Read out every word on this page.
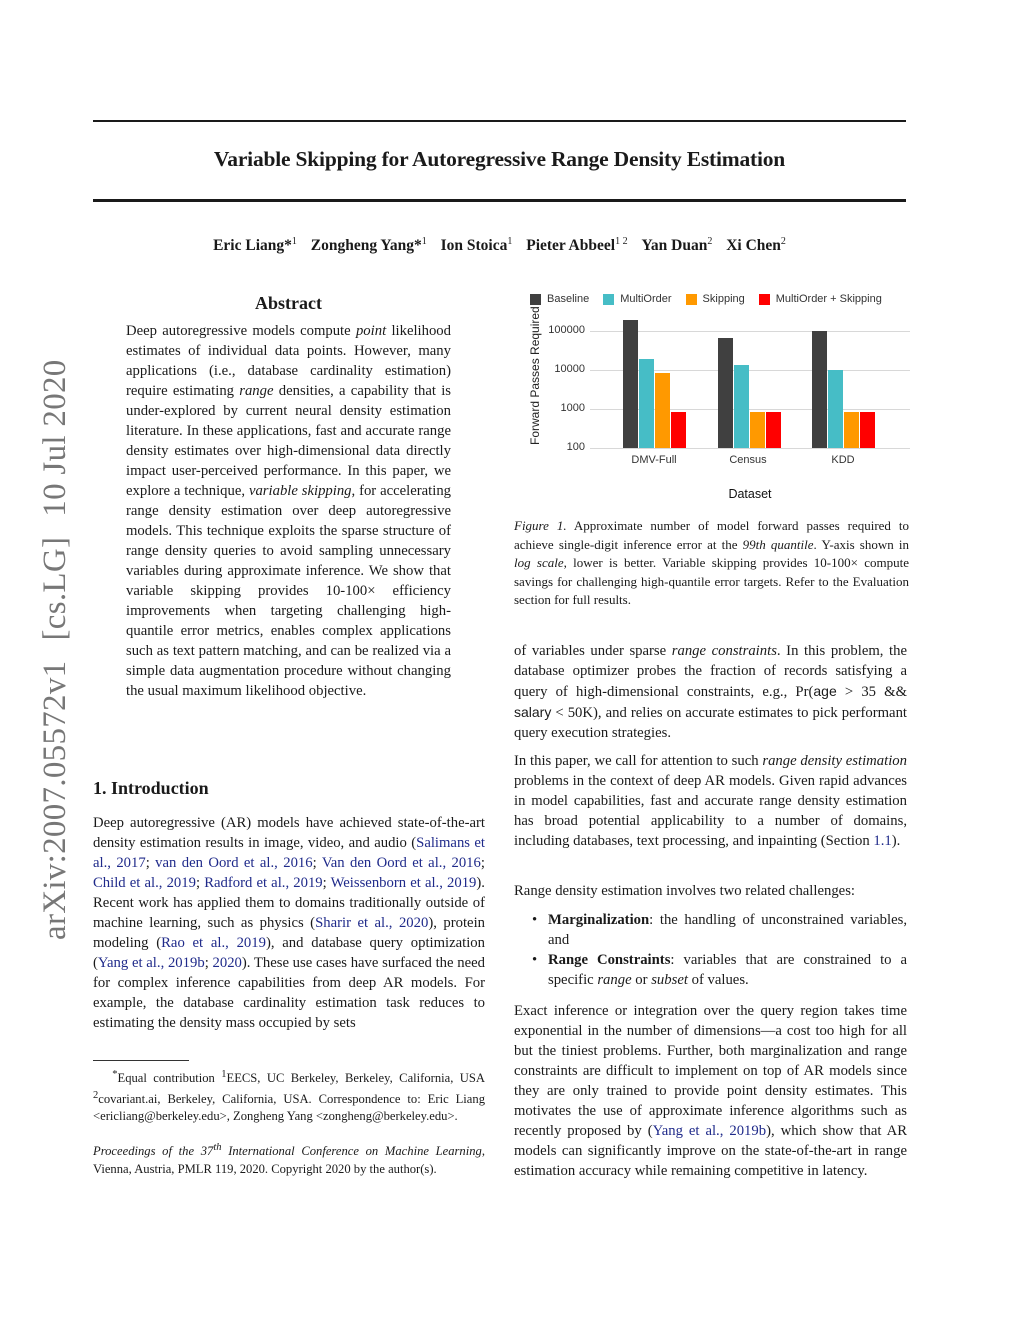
arXiv:2007.05572v1[cs.LG]10 Jul 2020
Variable Skipping for Autoregressive Range Density Estimation
Eric Liang*$^1$ Zongheng Yang*$^1$ Ion Stoica$^1$ Pieter Abbeel$^{1 2}$ Yan Duan$^2$ Xi Chen$^2$
Abstract

Deep autoregressive models compute point likelihood estimates of individual data points. However, many applications (i.e., database cardinality estimation) require estimating range densities, a capability that is under-explored by current neural density estimation literature. In these applications, fast and accurate range density estimates over high-dimensional data directly impact user-perceived performance. In this paper, we explore a technique, variable skipping, for accelerating range density estimation over deep autoregressive models. This technique exploits the sparse structure of range density queries to avoid sampling unnecessary variables during approximate inference. We show that variable skipping provides 10-100× efficiency improvements when targeting challenging high-quantile error metrics, enables complex applications such as text pattern matching, and can be realized via a simple data augmentation procedure without changing the usual maximum likelihood objective.

1. Introduction

Deep autoregressive (AR) models have achieved state-of-the-art density estimation results in image, video, and audio (Salimans et al., 2017; van den Oord et al., 2016; Van den Oord et al., 2016; Child et al., 2019; Radford et al., 2019; Weissenborn et al., 2019). Recent work has applied them to domains traditionally outside of machine learning, such as physics (Sharir et al., 2020), protein modeling (Rao et al., 2019), and database query optimization (Yang et al., 2019b; 2020). These use cases have surfaced the need for complex inference capabilities from deep AR models. For example, the database cardinality estimation task reduces to estimating the density mass occupied by sets

*Equal contribution $^1$EECS, UC Berkeley, Berkeley, California, USA $^2$covariant.ai, Berkeley, California, USA. Correspondence to: Eric Liang <ericliang@berkeley.edu>, Zongheng Yang <zongheng@berkeley.edu>.

Proceedings of the 37th International Conference on Machine Learning, Vienna, Austria, PMLR 119, 2020. Copyright 2020 by the author(s).

Baseline	MultiOrder	Skipping	MultiOrder + Skipping
Forward Passes Required 100000
10000
1000
100
DMV-Full	Census	KDD
Dataset
Figure 1. Approximate number of model forward passes required to achieve single-digit inference error at the 99th quantile. Y-axis shown in log scale, lower is better. Variable skipping provides 10-100× compute savings for challenging high-quantile error targets. Refer to the Evaluation section for full results.

of variables under sparse range constraints. In this problem, the database optimizer probes the fraction of records satisfying a query of high-dimensional constraints, e.g., Pr(age > 35 && salary < 50K), and relies on accurate estimates to pick performant query execution strategies.

In this paper, we call for attention to such range density estimation problems in the context of deep AR models. Given rapid advances in model capabilities, fast and accurate range density estimation has broad potential applicability to a number of domains, including databases, text processing, and inpainting (Section 1.1).

Range density estimation involves two related challenges:

• Marginalization: the handling of unconstrained variables, and
• Range Constraints: variables that are constrained to a specific range or subset of values.

Exact inference or integration over the query region takes time exponential in the number of dimensions—a cost too high for all but the tiniest problems. Further, both marginalization and range constraints are difficult to implement on top of AR models since they are only trained to provide point density estimates. This motivates the use of approximate inference algorithms such as recently proposed by (Yang et al., 2019b), which show that AR models can significantly improve on the state-of-the-art in range estimation accuracy while remaining competitive in latency.
